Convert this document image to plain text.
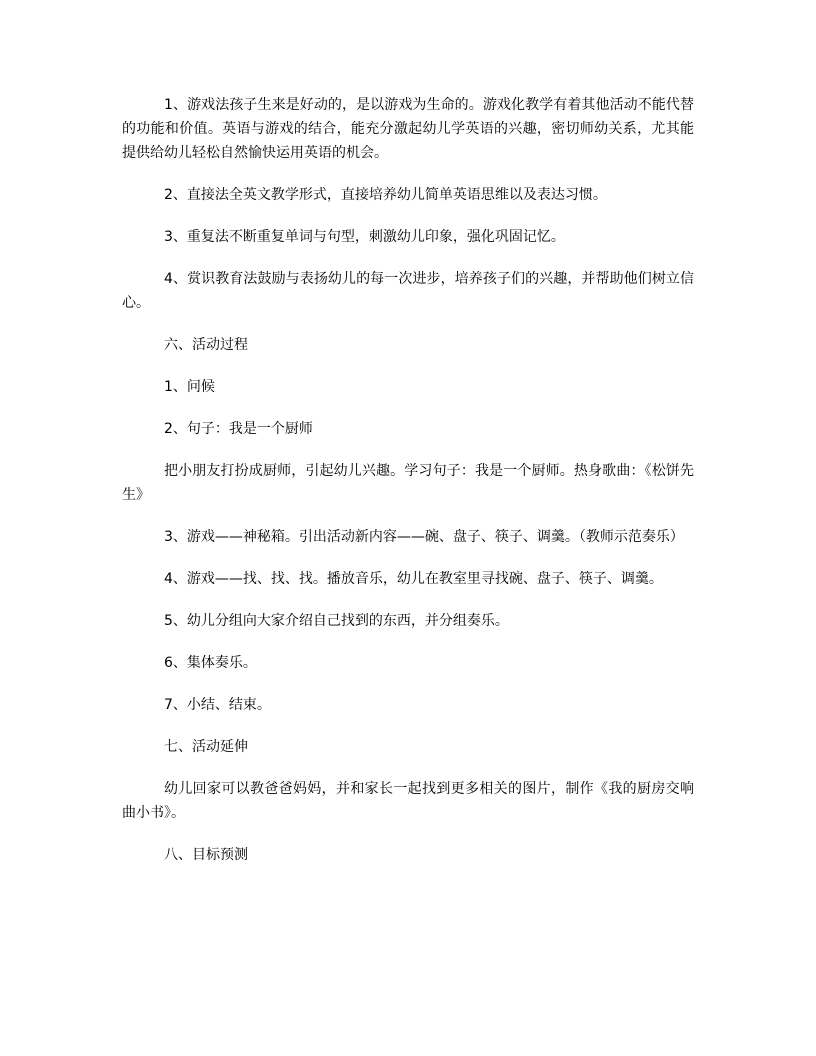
1、游戏法孩子生来是好动的，是以游戏为生命的。游戏化教学有着其他活动不能代替的功能和价值。英语与游戏的结合，能充分激起幼儿学英语的兴趣，密切师幼关系，尤其能提供给幼儿轻松自然愉快运用英语的机会。

2、直接法全英文教学形式，直接培养幼儿简单英语思维以及表达习惯。

3、重复法不断重复单词与句型，刺激幼儿印象，强化巩固记忆。

4、赏识教育法鼓励与表扬幼儿的每一次进步，培养孩子们的兴趣，并帮助他们树立信心。

六、活动过程

1、问候

2、句子：我是一个厨师

把小朋友打扮成厨师，引起幼儿兴趣。学习句子：我是一个厨师。热身歌曲：《松饼先生》

3、游戏——神秘箱。引出活动新内容——碗、盘子、筷子、调羹。（教师示范奏乐）

4、游戏——找、找、找。播放音乐，幼儿在教室里寻找碗、盘子、筷子、调羹。

5、幼儿分组向大家介绍自己找到的东西，并分组奏乐。

6、集体奏乐。

7、小结、结束。

七、活动延伸

幼儿回家可以教爸爸妈妈，并和家长一起找到更多相关的图片，制作《我的厨房交响曲小书》。

八、目标预测
